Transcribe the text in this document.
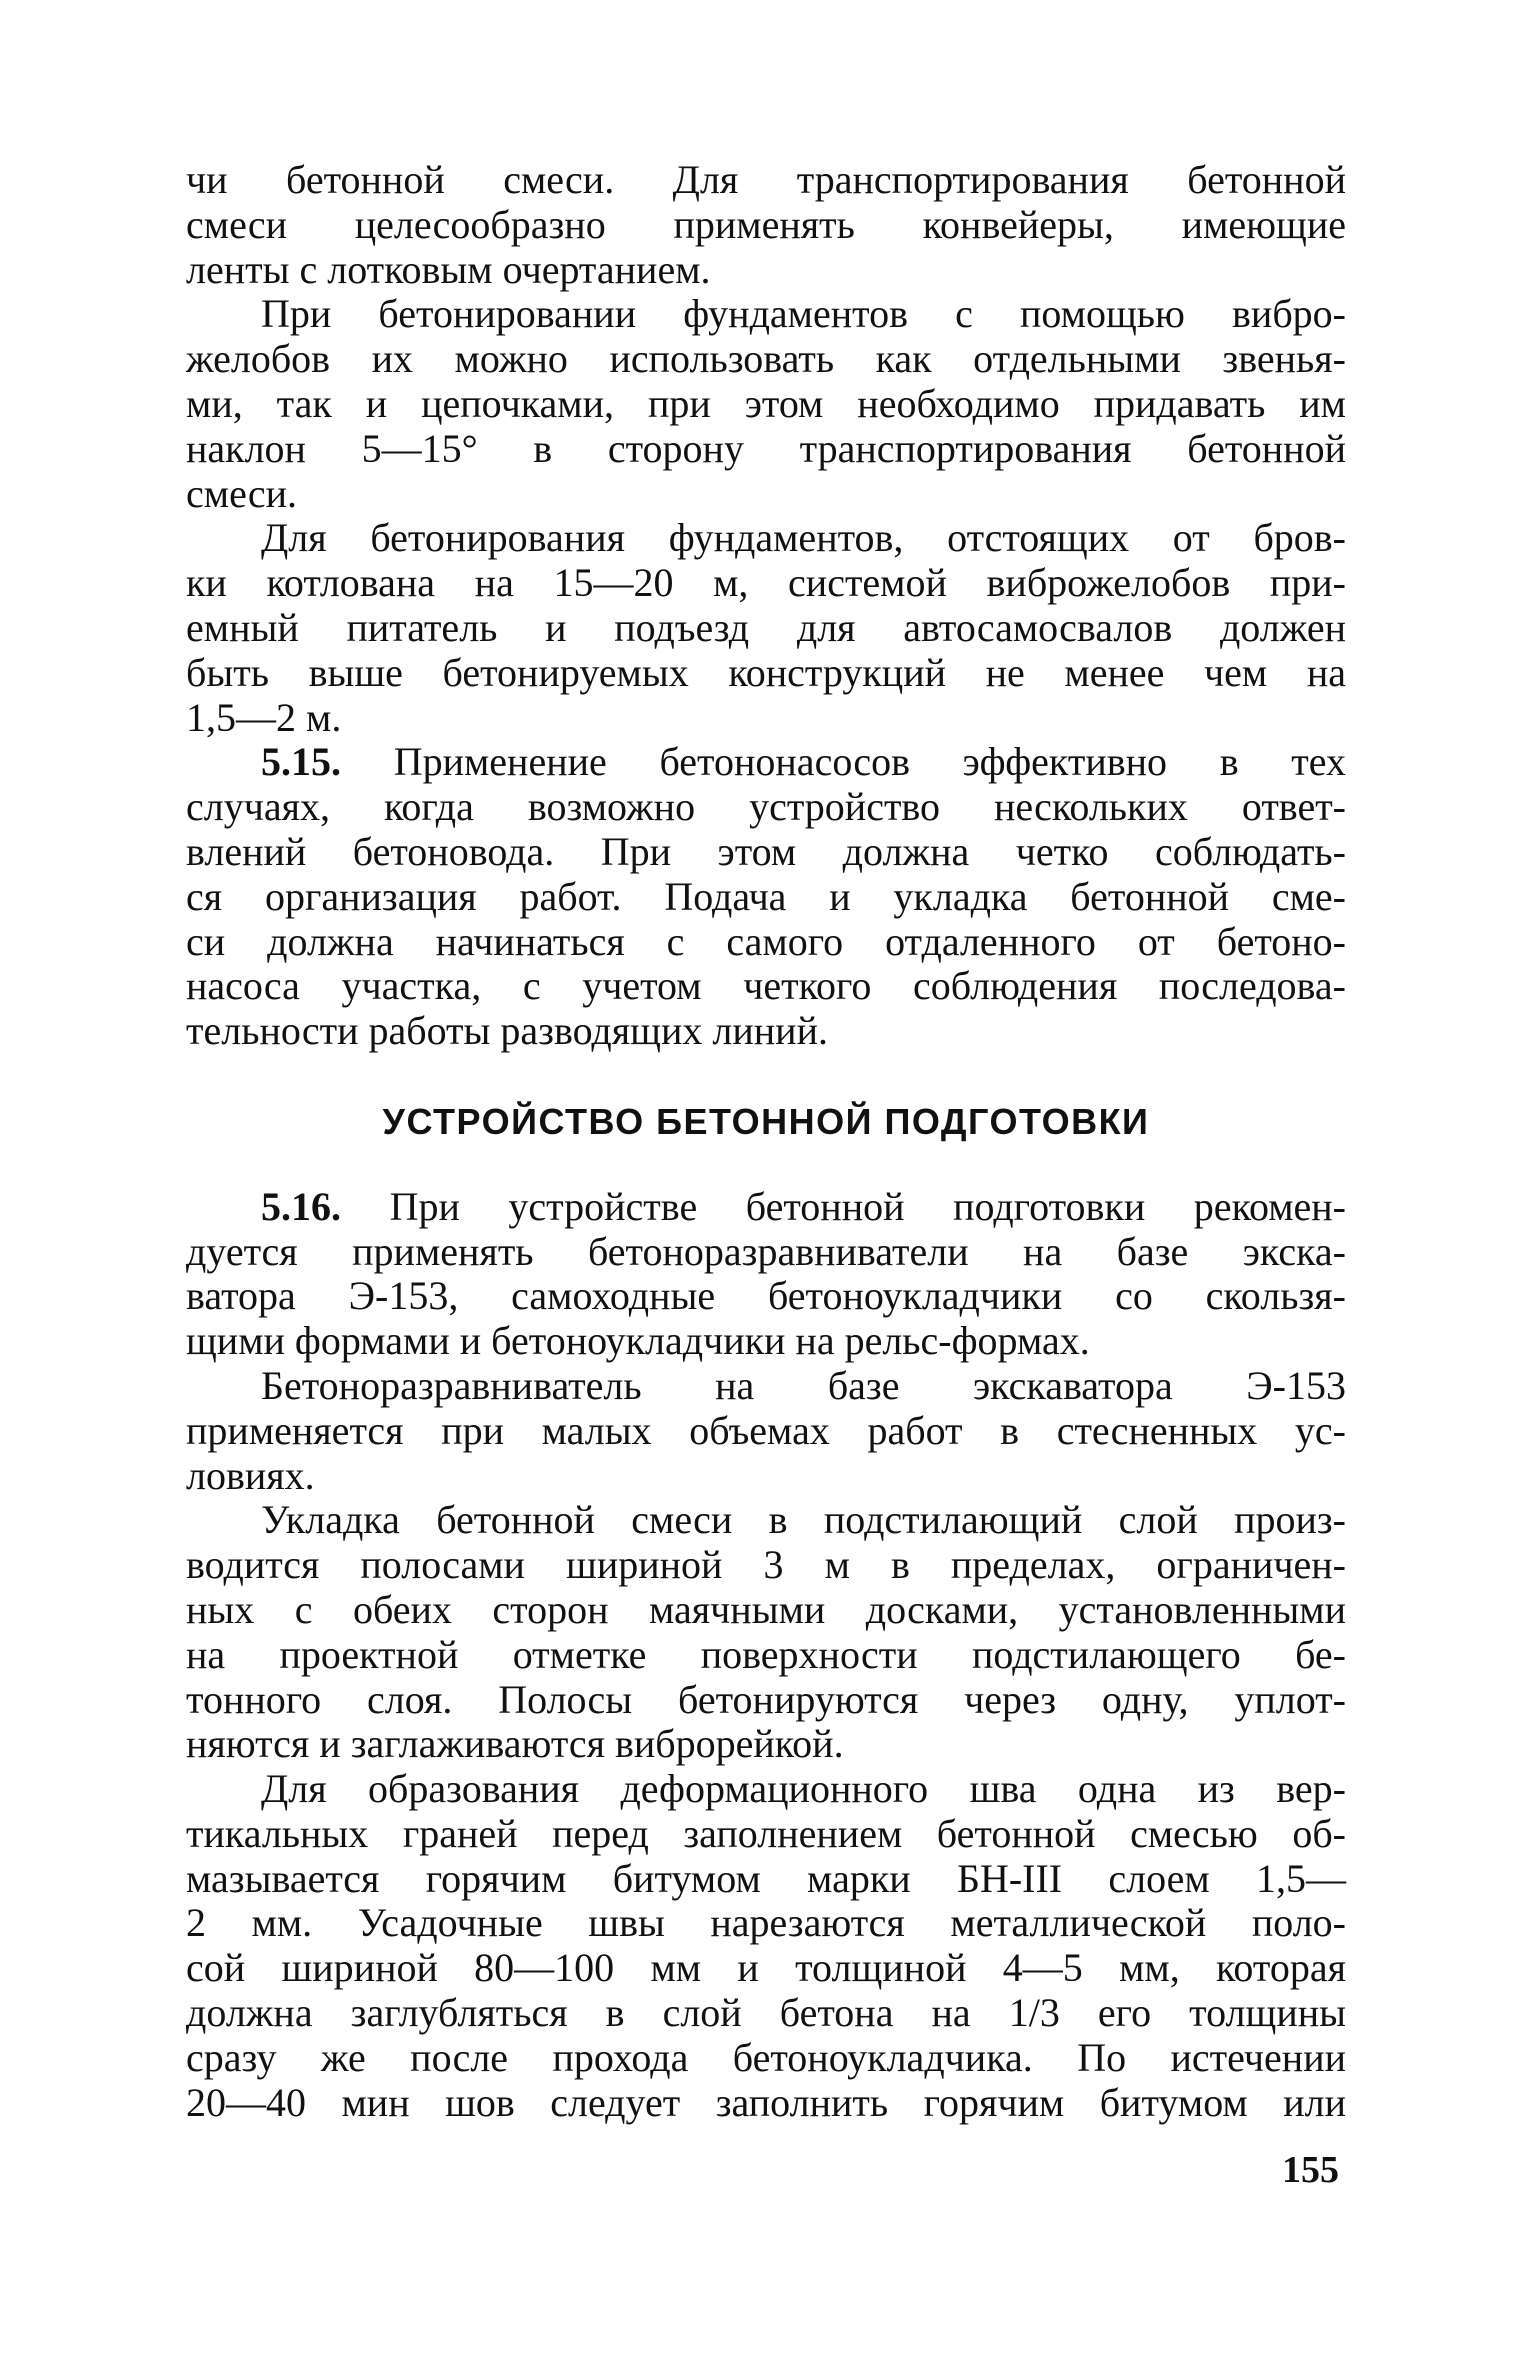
чи бетонной смеси. Для транспортирования бетонной
смеси целесообразно применять конвейеры, имеющие
ленты с лотковым очертанием.
При бетонировании фундаментов с помощью вибро-
желобов их можно использовать как отдельными звенья-
ми, так и цепочками, при этом необходимо придавать им
наклон 5—15° в сторону транспортирования бетонной
смеси.
Для бетонирования фундаментов, отстоящих от бров-
ки котлована на 15—20 м, системой виброжелобов при-
емный питатель и подъезд для автосамосвалов должен
быть выше бетонируемых конструкций не менее чем на
1,5—2 м.
5.15. Применение бетононасосов эффективно в тех
случаях, когда возможно устройство нескольких ответ-
влений бетоновода. При этом должна четко соблюдать-
ся организация работ. Подача и укладка бетонной сме-
си должна начинаться с самого отдаленного от бетоно-
насоса участка, с учетом четкого соблюдения последова-
тельности работы разводящих линий.
УСТРОЙСТВО БЕТОННОЙ ПОДГОТОВКИ
5.16. При устройстве бетонной подготовки рекомен-
дуется применять бетоноразравниватели на базе экска-
ватора Э-153, самоходные бетоноукладчики со скользя-
щими формами и бетоноукладчики на рельс-формах.
Бетоноразравниватель на базе экскаватора Э-153
применяется при малых объемах работ в стесненных ус-
ловиях.
Укладка бетонной смеси в подстилающий слой произ-
водится полосами шириной 3 м в пределах, ограничен-
ных с обеих сторон маячными досками, установленными
на проектной отметке поверхности подстилающего бе-
тонного слоя. Полосы бетонируются через одну, уплот-
няются и заглаживаются виброрейкой.
Для образования деформационного шва одна из вер-
тикальных граней перед заполнением бетонной смесью об-
мазывается горячим битумом марки БН-III слоем 1,5—
2 мм. Усадочные швы нарезаются металлической поло-
сой шириной 80—100 мм и толщиной 4—5 мм, которая
должна заглубляться в слой бетона на 1/3 его толщины
сразу же после прохода бетоноукладчика. По истечении
20—40 мин шов следует заполнить горячим битумом или
155
